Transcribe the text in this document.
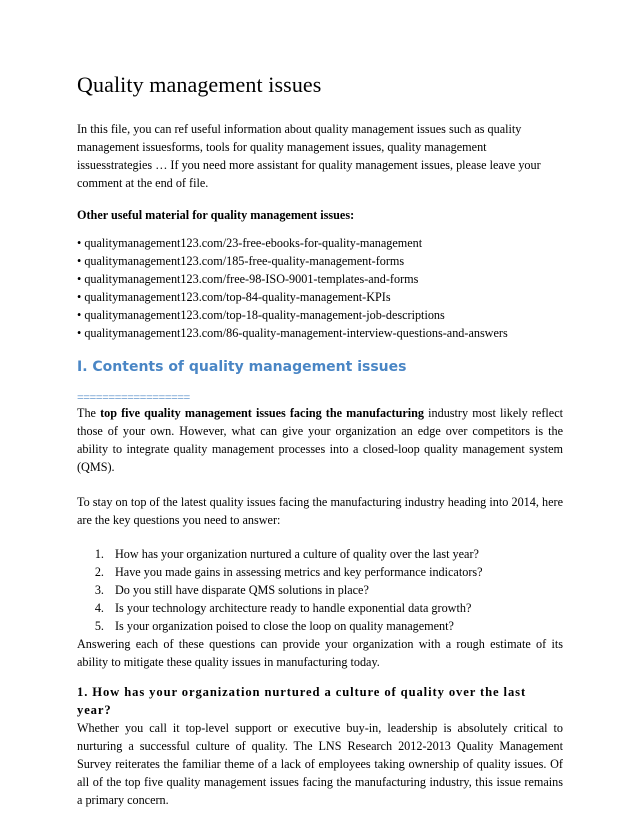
Quality management issues

In this file, you can ref useful information about quality management issues such as quality management issuesforms, tools for quality management issues, quality management issuesstrategies … If you need more assistant for quality management issues, please leave your comment at the end of file.

Other useful material for quality management issues:

• qualitymanagement123.com/23-free-ebooks-for-quality-management
• qualitymanagement123.com/185-free-quality-management-forms
• qualitymanagement123.com/free-98-ISO-9001-templates-and-forms
• qualitymanagement123.com/top-84-quality-management-KPIs
• qualitymanagement123.com/top-18-quality-management-job-descriptions
• qualitymanagement123.com/86-quality-management-interview-questions-and-answers
I. Contents of quality management issues
==================

The top five quality management issues facing the manufacturing industry most likely reflect those of your own. However, what can give your organization an edge over competitors is the ability to integrate quality management processes into a closed-loop quality management system (QMS).

To stay on top of the latest quality issues facing the manufacturing industry heading into 2014, here are the key questions you need to answer:

1. How has your organization nurtured a culture of quality over the last year?
2. Have you made gains in assessing metrics and key performance indicators?
3. Do you still have disparate QMS solutions in place?
4. Is your technology architecture ready to handle exponential data growth?
5. Is your organization poised to close the loop on quality management?

Answering each of these questions can provide your organization with a rough estimate of its ability to mitigate these quality issues in manufacturing today.

1. How has your organization nurtured a culture of quality over the last year?

Whether you call it top-level support or executive buy-in, leadership is absolutely critical to nurturing a successful culture of quality. The LNS Research 2012-2013 Quality Management Survey reiterates the familiar theme of a lack of employees taking ownership of quality issues. Of all of the top five quality management issues facing the manufacturing industry, this issue remains a primary concern.
